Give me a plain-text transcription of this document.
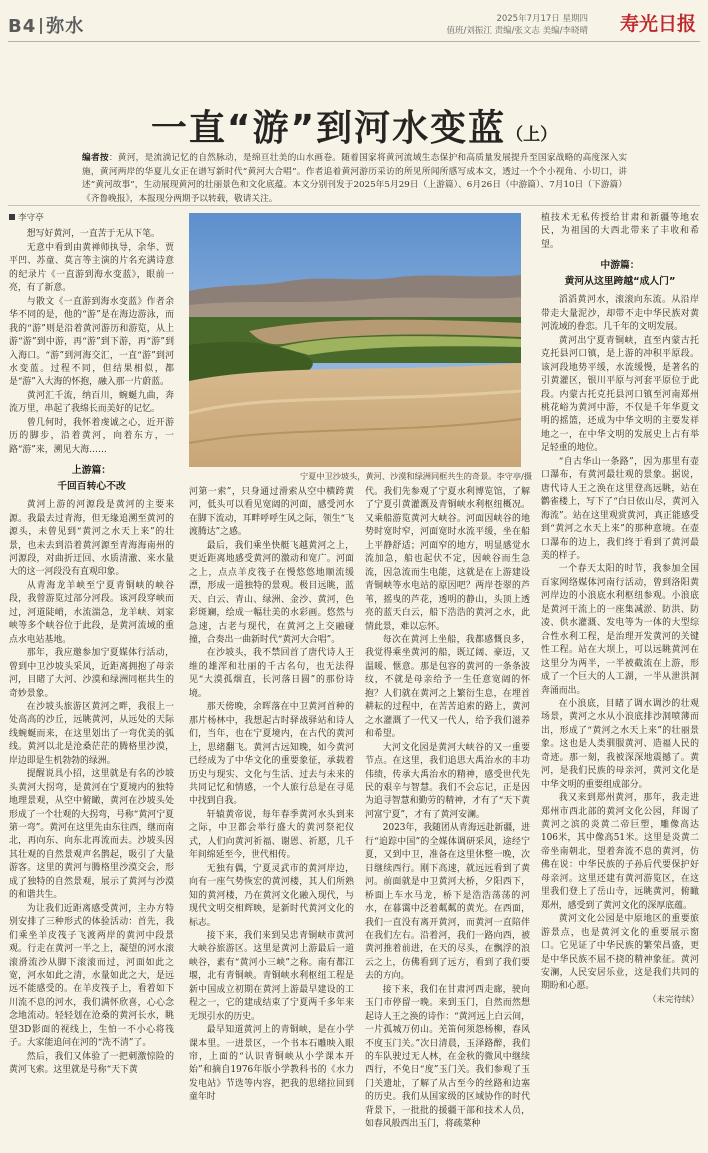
B4 弥水	2025年7月17日 星期四
值班/刘振江 责编/张文志 美编/李晓晴 寿光日报
一直“游”到河水变蓝（上）
编者按：黄河，是流淌记忆的自然脉动，是绵亘壮美的山水画卷。随着国家将黄河流域生态保护和高质量发展提升至国家战略的高度深入实施，黄河两岸的华夏儿女正在谱写新时代“黄河大合唱”。作者追着黄河游历采访的所见所闻所感写成本文，透过一个个小视角、小切口，讲述“黄河故事”，生动展现黄河的壮丽景色和文化底蕴。本文分别刊发于2025年5月29日（上游篇）、6月26日（中游篇）、7月10日（下游篇）《齐鲁晚报》，本报现分两期予以转载，敬请关注。
李守亭

想写好黄河，一直苦于无从下笔。

无意中看到由黄禅师执导，余华、贾平凹、苏童、莫言等主演的片名充满诗意的纪录片《一直游到海水变蓝》，眼前一亮，有了新意。

与散文《一直游到海水变蓝》作者余华不同的是，他的“游”是在海边游泳，而我的“游”则是沿着黄河游历和游览，从上游“游”到中游，再“游”到下游，再“游”到入海口。“游”到河海交汇，一直“游”到河水变蓝。过程不同，但结果相似，都是“游”入大海的怀抱，融入那一片蔚蓝。

黄河汇千流，纳百川，蜿蜒九曲，奔流万里，串起了我绵长而美好的记忆。

曾几何时，我怀着虔诚之心，近开游历的脚步，沿着黄河，向着东方，一路“游”来，溯见大海……

上游篇：
千回百转心不改

黄河上游的河源段是黄河的主要来源。我最去过青海，但无缘追溯至黄河的源头，未曾见到“黄河之水天上来”的壮景，也未去到沿着黄河源至青海海南州的河源段，对曲折迂回、水质清澈、来水量大的这一河段没有直观印象。

从青海龙羊峡至宁夏青铜峡的峡谷段，我曾游览过部分河段。该河段穿峡而过，河道陡峭，水流湍急，龙羊峡、刘家峡等多个峡谷位于此段，是黄河流域的重点水电站基地。

那年，我应邀参加宁夏媒体行活动，曾到中卫沙坡头采风，近距离拥抱了母亲河，目睹了大河、沙漠和绿洲同框共生的奇妙景象。

在沙坡头旅游区黄河之畔，我很上一处高高的沙丘，远眺黄河，从远处的天际线蜿蜒而来，在这里划出了一弯优美的弧线。黄河以北是沧桑茫茫的腾格里沙漠，岸边即是生机勃勃的绿洲。

提醒说具小招，这里就是有名的沙坡头黄河大拐弯，是黄河在宁夏境内的独特地理景观，从空中俯瞰，黄河在沙坡头处形成了一个壮观的大拐弯，号称“黄河宁夏第一弯”。黄河在这里先由东往西，继而南北，再向东、向东北再流而去。沙坡头因其壮观的自然景观声名鹊起，吸引了大量游客。这里的黄河与腾格里沙漠交会，形成了独特的自然景观，展示了黄河与沙漠的和谐共生。

为让我们近距离感受黄河，主办方特别安排了三种形式的体验活动：首先，我们乘坐羊皮筏子飞渡两岸的黄河中段景观。行走在黄河一半之上，凝望的河水滚滚滑流沙从脚下滚滚而过，河面如此之宽，河水如此之清，水量如此之大，是远远不能感受的。在羊皮筏子上，看着如下川流不息的河水，我们满怀欣喜，心心念念地流动。轻轻划在沧桑的黄河长水，眺望3D影面的视线上，生怕一不小心将筏子。大家能追问在河的“洗不清”了。

然后，我们又体验了一把刺激惊险的黄河飞索。这里就是号称“天下黄

宁夏中卫沙坡头，黄河、沙漠和绿洲同框共生的奇景。李守亭/摄

河第一索”，只身通过滑索从空中横跨黄河，低头可以看见宽阔的河面，感受河水在脚下流动，耳畔呼呼生风之际，领生“飞渡腾达”之感。

最后，我们乘坐快艇飞越黄河之上，更近距离地感受黄河的激动和宽广。河面之上，点点羊皮筏子在慢悠悠地顺流缓漂，形成一道独特的景观。极目远眺，蓝天、白云、青山、绿洲、金沙、黄河，色彩斑斓，绘成一幅壮美的水彩画。悠然与急速，古老与现代，在黄河之上交融碰撞，合奏出一曲新时代“黄河大合唱”。

在沙坡头，我不禁回首了唐代诗人王维的雄浑和壮丽的千古名句，也无法得见“大漠孤烟直，长河落日圆”的那份诗境。

那天傍晚，余晖落在中卫黄河首种的那片杨林中，我想起古时驿战驿站和诗人们，当年，也在宁夏境内，在古代的黄河上，思绪翻飞。黄河古远知晚，如今黄河已经成为了中华文化的重要象征，承载着历史与现实、文化与生活、过去与未来的共同记忆和情感，一个人旅行总是在寻觅中找到自我。

轩辕黄帝说，每年春季黄河水头到来之际，中卫都会举行盛大的黄河祭祀仪式，人们向黄河祈福、谢恩、祈愿，几千年间绵延至今，世代相传。

无独有偶，宁夏灵武市的黄河岸边，向有一座气势恢宏的黄河楼，其人们所熟知的黄河楼，乃在黄河文化融入现代，与现代文明交相辉映，是新时代黄河文化的标志。

接下来，我们来到吴忠青铜峡市黄河大峡谷旅游区。这里是黄河上游最后一道峡谷，素有“黄河小三峡”之称。南有都江堰，北有青铜峡。青铜峡水利枢纽工程是新中国成立初期在黄河上游最早建设的工程之一，它的建成结束了宁夏两千多年来无坝引水的历史。

最早知道黄河上的青铜峡，是在小学课本里。一进景区，一个书本石雕映入眼帘，上面的“认识青铜峡从小学课本开始”和摘自1976年版小学教科书的《水力发电站》节选等内容，把我的思绪拉回到童年时

代。我们先参观了宁夏水利博览馆，了解了宁夏引黄灌溉及青铜峡水利枢纽概况。又乘船游览黄河大峡谷。河面因峡谷的地势时宽时窄，河面宽时水流平缓，坐在船上平静舒适；河面窄的地方，明显感觉水流加急，船也起伏不定，因峡谷而生急流，因急流而生电能，这就是在上游建设青铜峡等水电站的原因吧？两岸苍翠的芦苇，摇曳的芦花，透明的静山，头顶上透亮的蓝天白云，船下浩浩的黄河之水，此情此景，难以忘怀。

每次在黄河上坐船，我都感慨良多，我觉得乘坐黄河的船，既辽阔、豪迈，又温暖、惬意。那是包容的黄河的一条条波纹，不就是母亲给予一生任意宽阔的怀抱？人们就在黄河之上繁衍生息，在埋首耕耘的过程中，在苦苦追索的路上，黄河之水灌溉了一代又一代人，给予我们滋养和希望。

大河文化园是黄河大峡谷的又一重要节点。在这里，我们追思大禹治水的丰功伟绩，传承大禹治水的精神，感受世代先民的艰辛与智慧。我们不会忘记，正是因为追寻智慧和勤劳的精神，才有了“天下黄河富宁夏”，才有了黄河安澜。

2023年，我随团从青海远赴新疆，进行“追踪中国”的全媒体调研采风，途经宁夏，又到中卫，准备在这里休整一晚，次日继续西行。刚下高速，就远远看到了黄河。前面就是中卫黄河大桥，夕阳西下，桥面上车水马龙，桥下是浩浩荡荡的河水，在暮霭中泛着粼粼的黄光。在西面，我们一直没有离开黄河，而黄河一直陪伴在我们左右。沿着河，我们一路向西，被黄河推着前进，在天的尽头，在飘浮的浪云之上，仿佛看到了远方，看到了我们要去的方向。

接下来，我们在甘肃河西走廊，驶向玉门市停留一晚。来到玉门，自然而然想起诗人王之涣的诗作：“黄河远上白云间，一片孤城万仞山。羌笛何须怨杨柳，春风不度玉门关。”次日清晨，玉泽路醉，我们的车队驶过无人林，在金秋的微风中继续西行，不免日“度”玉门关。我们参观了玉门关遗址，了解了从古至今的丝路和边塞的历史。我们从国家级的区域协作的时代背景下，一批批的援疆干部和技术人员，如春风般西出玉门，将疏菜种

植技术无私传授给甘肃和新疆等地农民，为祖国的大西北带来了丰收和希望。

中游篇：
黄河从这里跨越“成人门”

滔滔黄河水，滚滚向东流。从沿岸带走大量泥沙，却带不走中华民族对黄河流域的眷恋。几千年的文明发展。

黄河出宁夏青铜峡，直至内蒙古托克托县河口镇，是上游的冲积平原段。该河段地势平缓，水流缓慢，是著名的引黄灌区，银川平原与河套平原位于此段。内蒙古托克托县河口镇至河南郑州桃花峪为黄河中游，不仅是千年华夏文明的摇篮，还成为中华文明的主要发祥地之一，在中华文明的发展史上占有举足轻重的地位。

“自古华山一条路”，因为那里有壶口瀑布，有黄河最壮观的景象。据说，唐代诗人王之涣在这里登高远眺，站在鹳雀楼上，写下了“白日依山尽，黄河入海流”。站在这里观赏黄河，真正能感受到“黄河之水天上来”的那种意境。在壶口瀑布的边上，我们终于看到了黄河最美的样子。

一个春天太阳的时节，我参加全国百家网络媒体河南行活动，曾到洛阳黄河岸边的小浪底水利枢纽参观。小浪底是黄河干流上的一座集减淤、防洪、防凌、供水灌溉、发电等为一体的大型综合性水利工程，是治理开发黄河的关键性工程。站在大坝上，可以远眺黄河在这里分为两半，一半被截流在上游，形成了一个巨大的人工湖，一半从泄洪洞奔涌而出。

在小浪底，目睹了调水调沙的壮观场景，黄河之水从小浪底排沙洞喷薄而出，形成了“黄河之水天上来”的壮丽景象。这也是人类驯服黄河、造福人民的奇迹。那一刻，我被深深地震撼了。黄河，是我们民族的母亲河，黄河文化是中华文明的重要组成部分。

我又来到郑州黄河，那年，我走进郑州市西北部的黄河文化公园，拜谒了黄河之滨的炎黄二帝巨塑，雕像高达106米，其中像高51米。这里是炎黄二帝坐南朝北，望着奔流不息的黄河，仿佛在说：中华民族的子孙后代要保护好母亲河。这里还建有黄河游览区，在这里我们登上了岳山寺，远眺黄河，俯瞰郑州，感受到了黄河文化的深厚底蕴。

黄河文化公园是中原地区的重要旅游景点，也是黄河文化的重要展示窗口。它见证了中华民族的繁荣昌盛，更是中华民族不屈不挠的精神象征。黄河安澜，人民安居乐业，这是我们共同的期盼和心愿。

（未完待续）
